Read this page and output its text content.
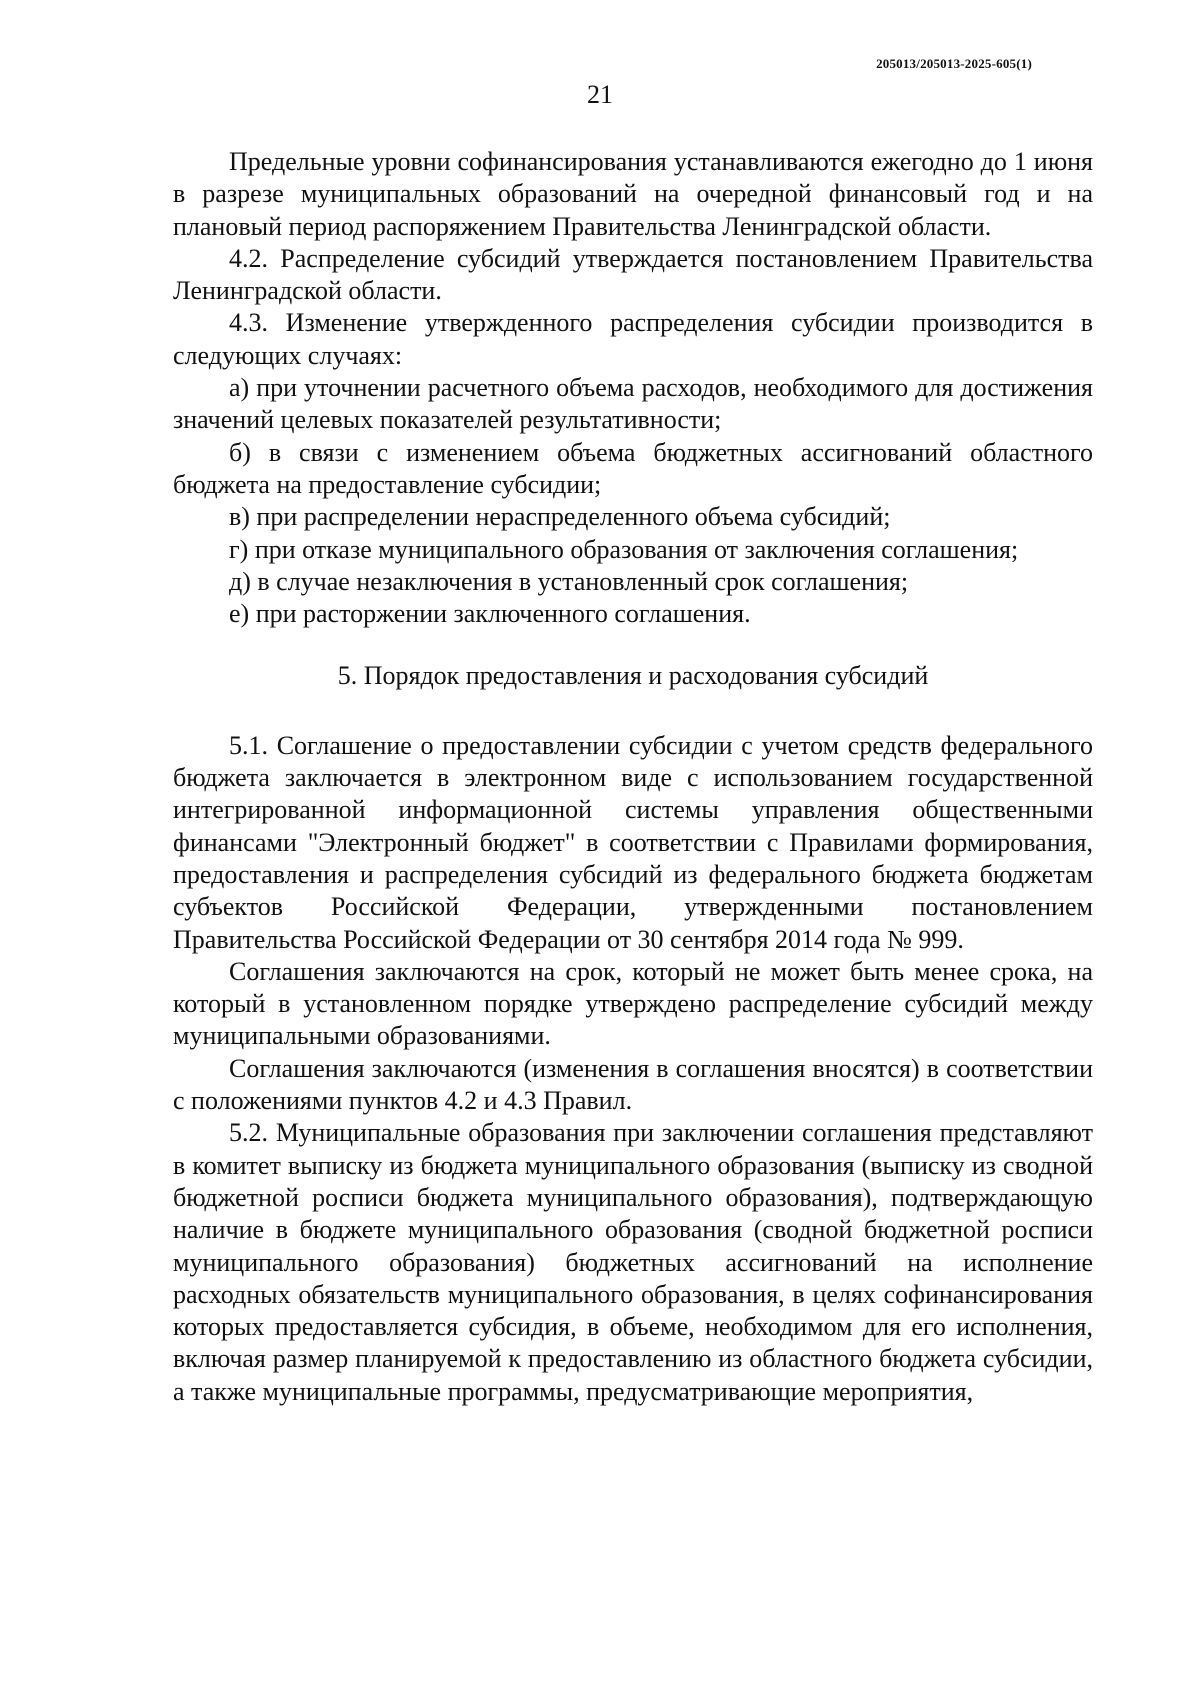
205013/205013-2025-605(1)
21

Предельные уровни софинансирования устанавливаются ежегодно до 1 июня в разрезе муниципальных образований на очередной финансовый год и на плановый период распоряжением Правительства Ленинградской области.

4.2. Распределение субсидий утверждается постановлением Правительства Ленинградской области.

4.3. Изменение утвержденного распределения субсидии производится в следующих случаях:

а) при уточнении расчетного объема расходов, необходимого для достижения значений целевых показателей результативности;

б) в связи с изменением объема бюджетных ассигнований областного бюджета на предоставление субсидии;

в) при распределении нераспределенного объема субсидий;

г) при отказе муниципального образования от заключения соглашения;

д) в случае незаключения в установленный срок соглашения;

е) при расторжении заключенного соглашения.

5. Порядок предоставления и расходования субсидий

5.1. Соглашение о предоставлении субсидии с учетом средств федерального бюджета заключается в электронном виде с использованием государственной интегрированной информационной системы управления общественными финансами "Электронный бюджет" в соответствии с Правилами формирования, предоставления и распределения субсидий из федерального бюджета бюджетам субъектов Российской Федерации, утвержденными постановлением Правительства Российской Федерации от 30 сентября 2014 года № 999.

Соглашения заключаются на срок, который не может быть менее срока, на который в установленном порядке утверждено распределение субсидий между муниципальными образованиями.

Соглашения заключаются (изменения в соглашения вносятся) в соответствии с положениями пунктов 4.2 и 4.3 Правил.

5.2. Муниципальные образования при заключении соглашения представляют в комитет выписку из бюджета муниципального образования (выписку из сводной бюджетной росписи бюджета муниципального образования), подтверждающую наличие в бюджете муниципального образования (сводной бюджетной росписи муниципального образования) бюджетных ассигнований на исполнение расходных обязательств муниципального образования, в целях софинансирования которых предоставляется субсидия, в объеме, необходимом для его исполнения, включая размер планируемой к предоставлению из областного бюджета субсидии, а также муниципальные программы, предусматривающие мероприятия,
